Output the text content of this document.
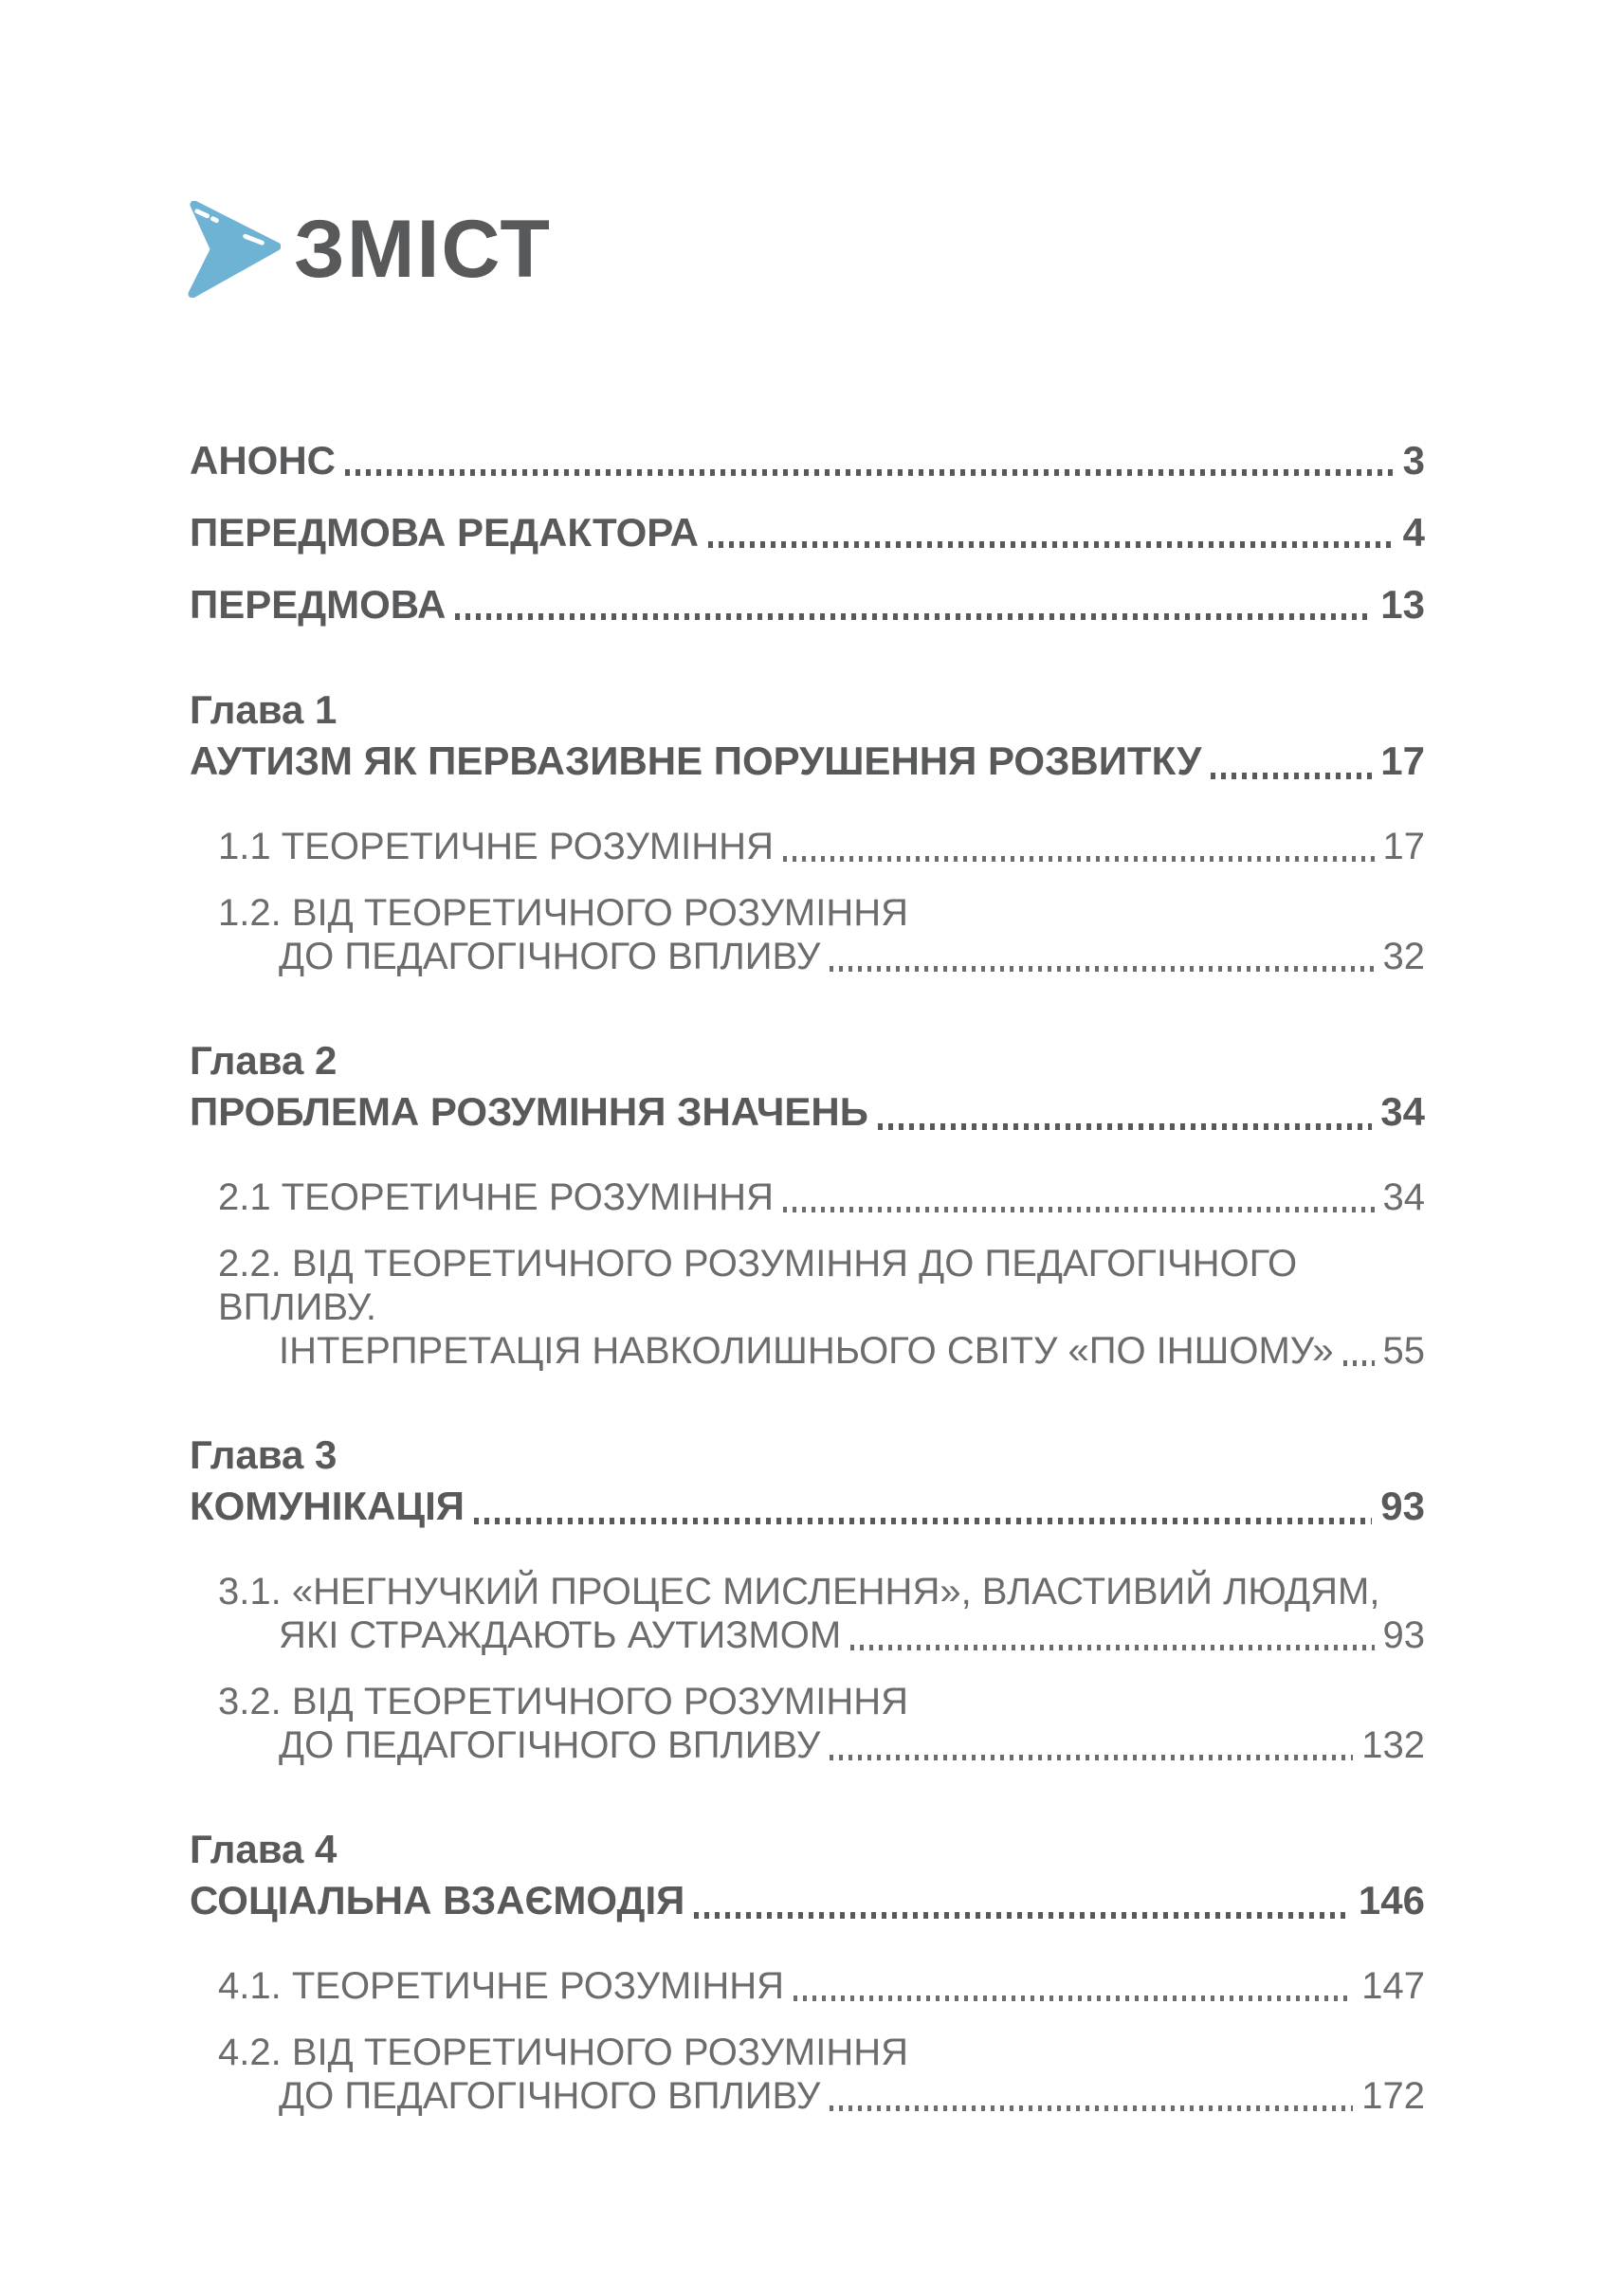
ЗМІСТ
АНОНС	3
ПЕРЕДМОВА РЕДАКТОРА	4
ПЕРЕДМОВА	13
Глава 1
АУТИЗМ ЯК ПЕРВАЗИВНЕ ПОРУШЕННЯ РОЗВИТКУ	17
1.1 ТЕОРЕТИЧНЕ РОЗУМІННЯ	17
1.2. ВІД ТЕОРЕТИЧНОГО РОЗУМІННЯ
ДО ПЕДАГОГІЧНОГО ВПЛИВУ	32
Глава 2
ПРОБЛЕМА РОЗУМІННЯ ЗНАЧЕНЬ	34
2.1 ТЕОРЕТИЧНЕ РОЗУМІННЯ	34
2.2. ВІД ТЕОРЕТИЧНОГО РОЗУМІННЯ ДО ПЕДАГОГІЧНОГО ВПЛИВУ.
ІНТЕРПРЕТАЦІЯ НАВКОЛИШНЬОГО СВІТУ «ПО ІНШОМУ» 55
Глава 3
КОМУНІКАЦІЯ	93
3.1. «НЕГНУЧКИЙ ПРОЦЕС МИСЛЕННЯ», ВЛАСТИВИЙ ЛЮДЯМ,
ЯКІ СТРАЖДАЮТЬ АУТИЗМОМ	93
3.2. ВІД ТЕОРЕТИЧНОГО РОЗУМІННЯ
ДО ПЕДАГОГІЧНОГО ВПЛИВУ	132
Глава 4
СОЦІАЛЬНА ВЗАЄМОДІЯ	146
4.1. ТЕОРЕТИЧНЕ РОЗУМІННЯ	147
4.2. ВІД ТЕОРЕТИЧНОГО РОЗУМІННЯ
ДО ПЕДАГОГІЧНОГО ВПЛИВУ	172
